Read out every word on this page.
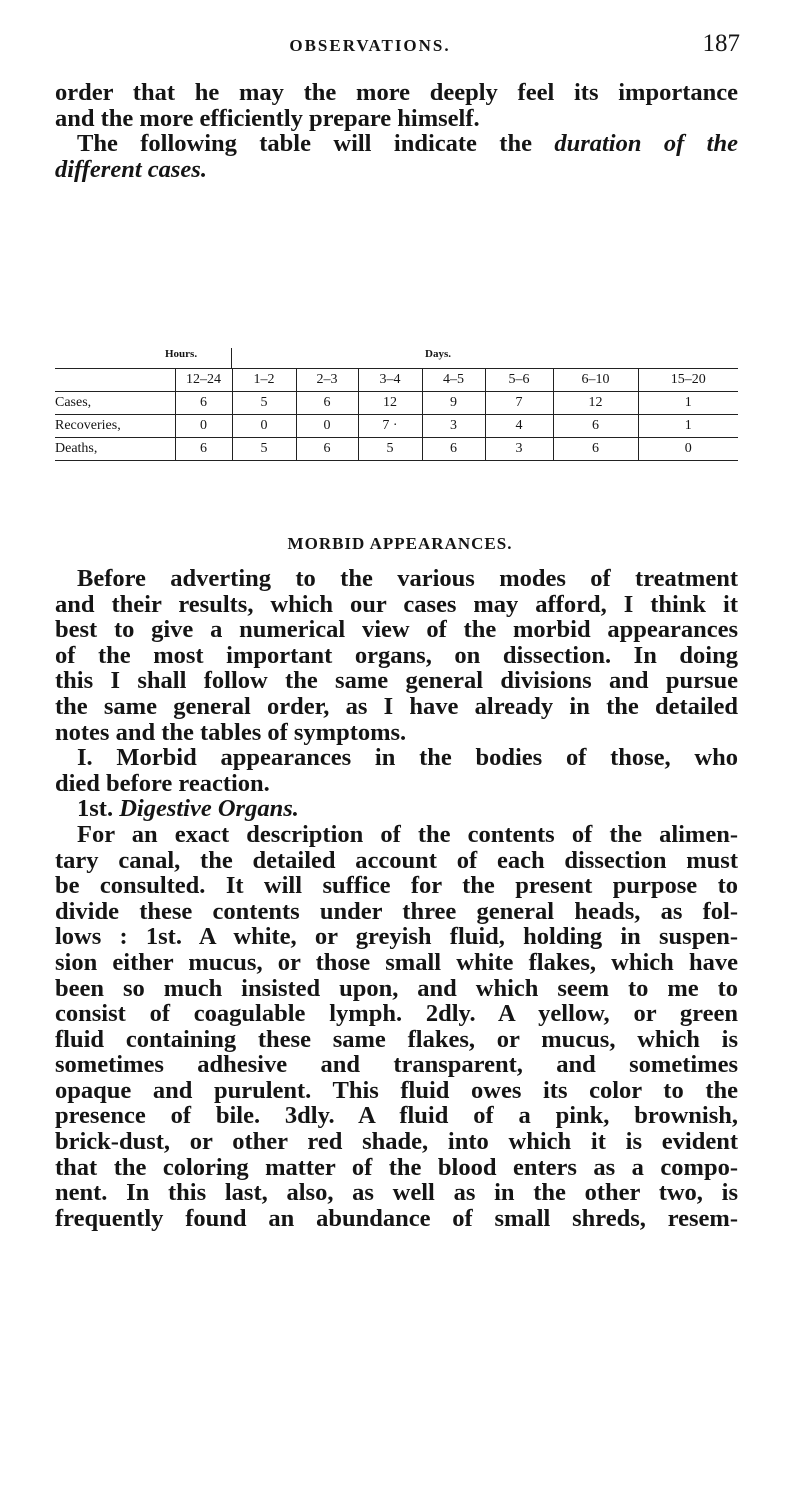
OBSERVATIONS.	187

order that he may the more deeply feel its importance

and the more efficiently prepare himself.

The following table will indicate the duration of the

different cases.

Hours.	Days.
	12–24	1–2	2–3	3–4	4–5	5–6	6–10	15–20
Cases,	6	5	6	12	9	7	12	1
Recoveries,	0	0	0	7 ·	3	4	6	1
Deaths,	6	5	6	5	6	3	6	0
MORBID APPEARANCES.

Before adverting to the various modes of treatment

and their results, which our cases may afford, I think it

best to give a numerical view of the morbid appearances

of the most important organs, on dissection. In doing

this I shall follow the same general divisions and pursue

the same general order, as I have already in the detailed

notes and the tables of symptoms.

I. Morbid appearances in the bodies of those, who

died before reaction.

1st. Digestive Organs.

For an exact description of the contents of the alimen-

tary canal, the detailed account of each dissection must

be consulted. It will suffice for the present purpose to

divide these contents under three general heads, as fol-

lows : 1st. A white, or greyish fluid, holding in suspen-

sion either mucus, or those small white flakes, which have

been so much insisted upon, and which seem to me to

consist of coagulable lymph. 2dly. A yellow, or green

fluid containing these same flakes, or mucus, which is

sometimes adhesive and transparent, and sometimes

opaque and purulent. This fluid owes its color to the

presence of bile. 3dly. A fluid of a pink, brownish,

brick-dust, or other red shade, into which it is evident

that the coloring matter of the blood enters as a compo-

nent. In this last, also, as well as in the other two, is

frequently found an abundance of small shreds, resem-
